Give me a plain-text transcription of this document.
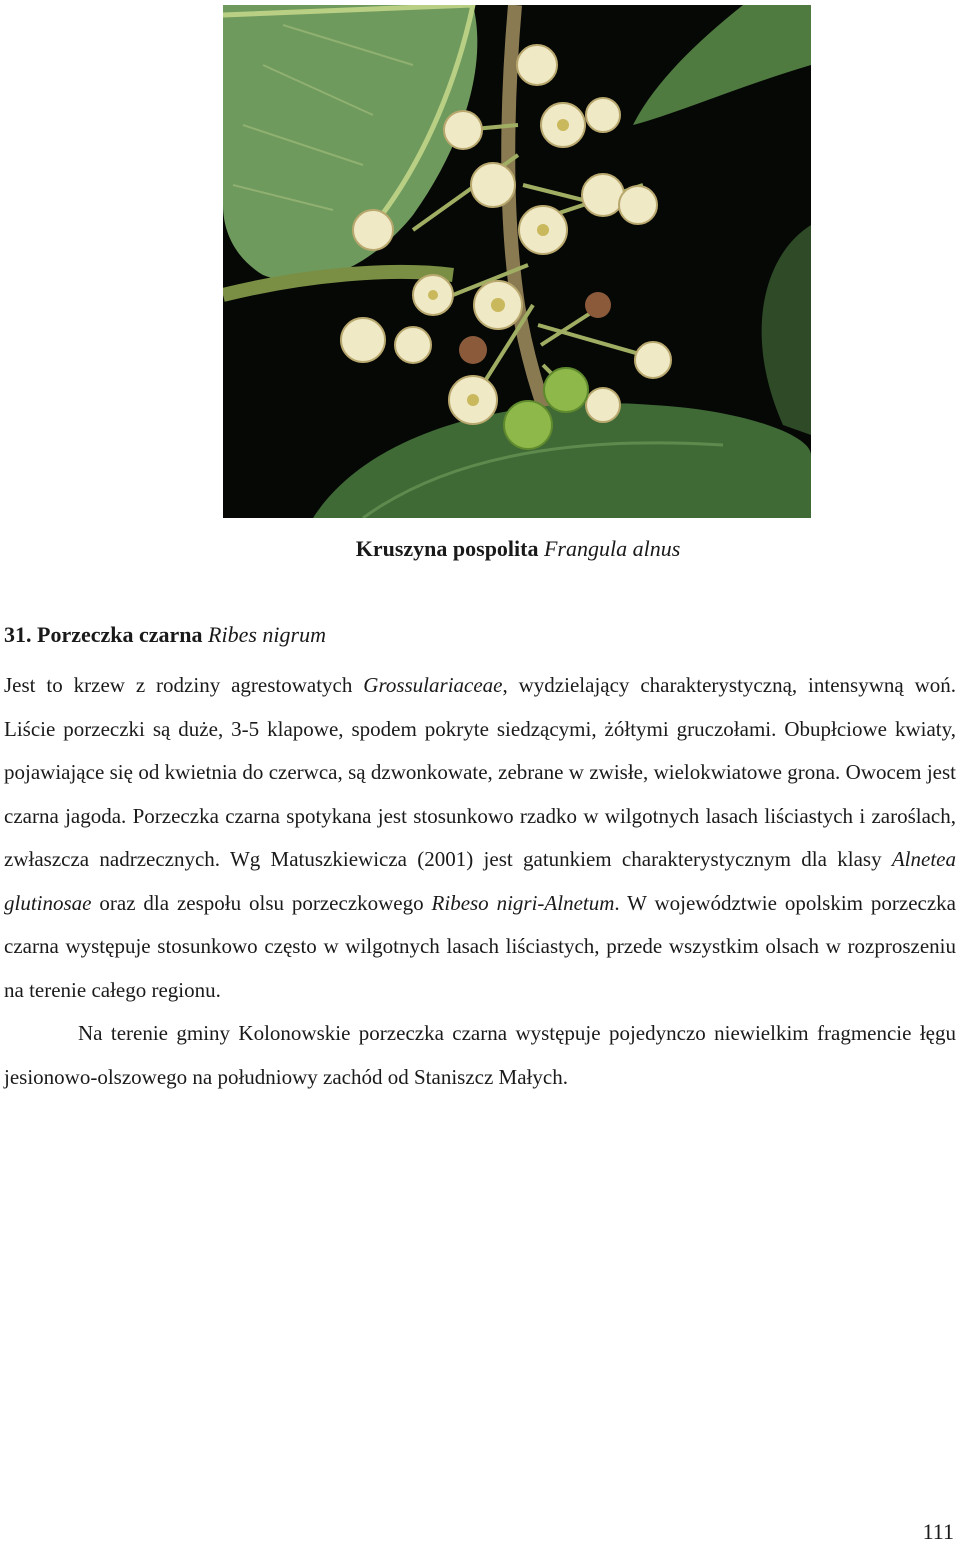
Kruszyna pospolita Frangula alnus
31. Porzeczka czarna Ribes nigrum

Jest to krzew z rodziny agrestowatych Grossulariaceae, wydzielający charakterystyczną, intensywną woń. Liście porzeczki są duże, 3-5 klapowe, spodem pokryte siedzącymi, żółtymi gruczołami. Obupłciowe kwiaty, pojawiające się od kwietnia do czerwca, są dzwonkowate, zebrane w zwisłe, wielokwiatowe grona. Owocem jest czarna jagoda. Porzeczka czarna spotykana jest stosunkowo rzadko w wilgotnych lasach liściastych i zaroślach, zwłaszcza nadrzecznych. Wg Matuszkiewicza (2001) jest gatunkiem charakterystycznym dla klasy Alnetea glutinosae oraz dla zespołu olsu porzeczkowego Ribeso nigri-Alnetum. W województwie opolskim porzeczka czarna występuje stosunkowo często w wilgotnych lasach liściastych, przede wszystkim olsach w rozproszeniu na terenie całego regionu.

Na terenie gminy Kolonowskie porzeczka czarna występuje pojedynczo niewielkim fragmencie łęgu jesionowo-olszowego na południowy zachód od Staniszcz Małych.

111
